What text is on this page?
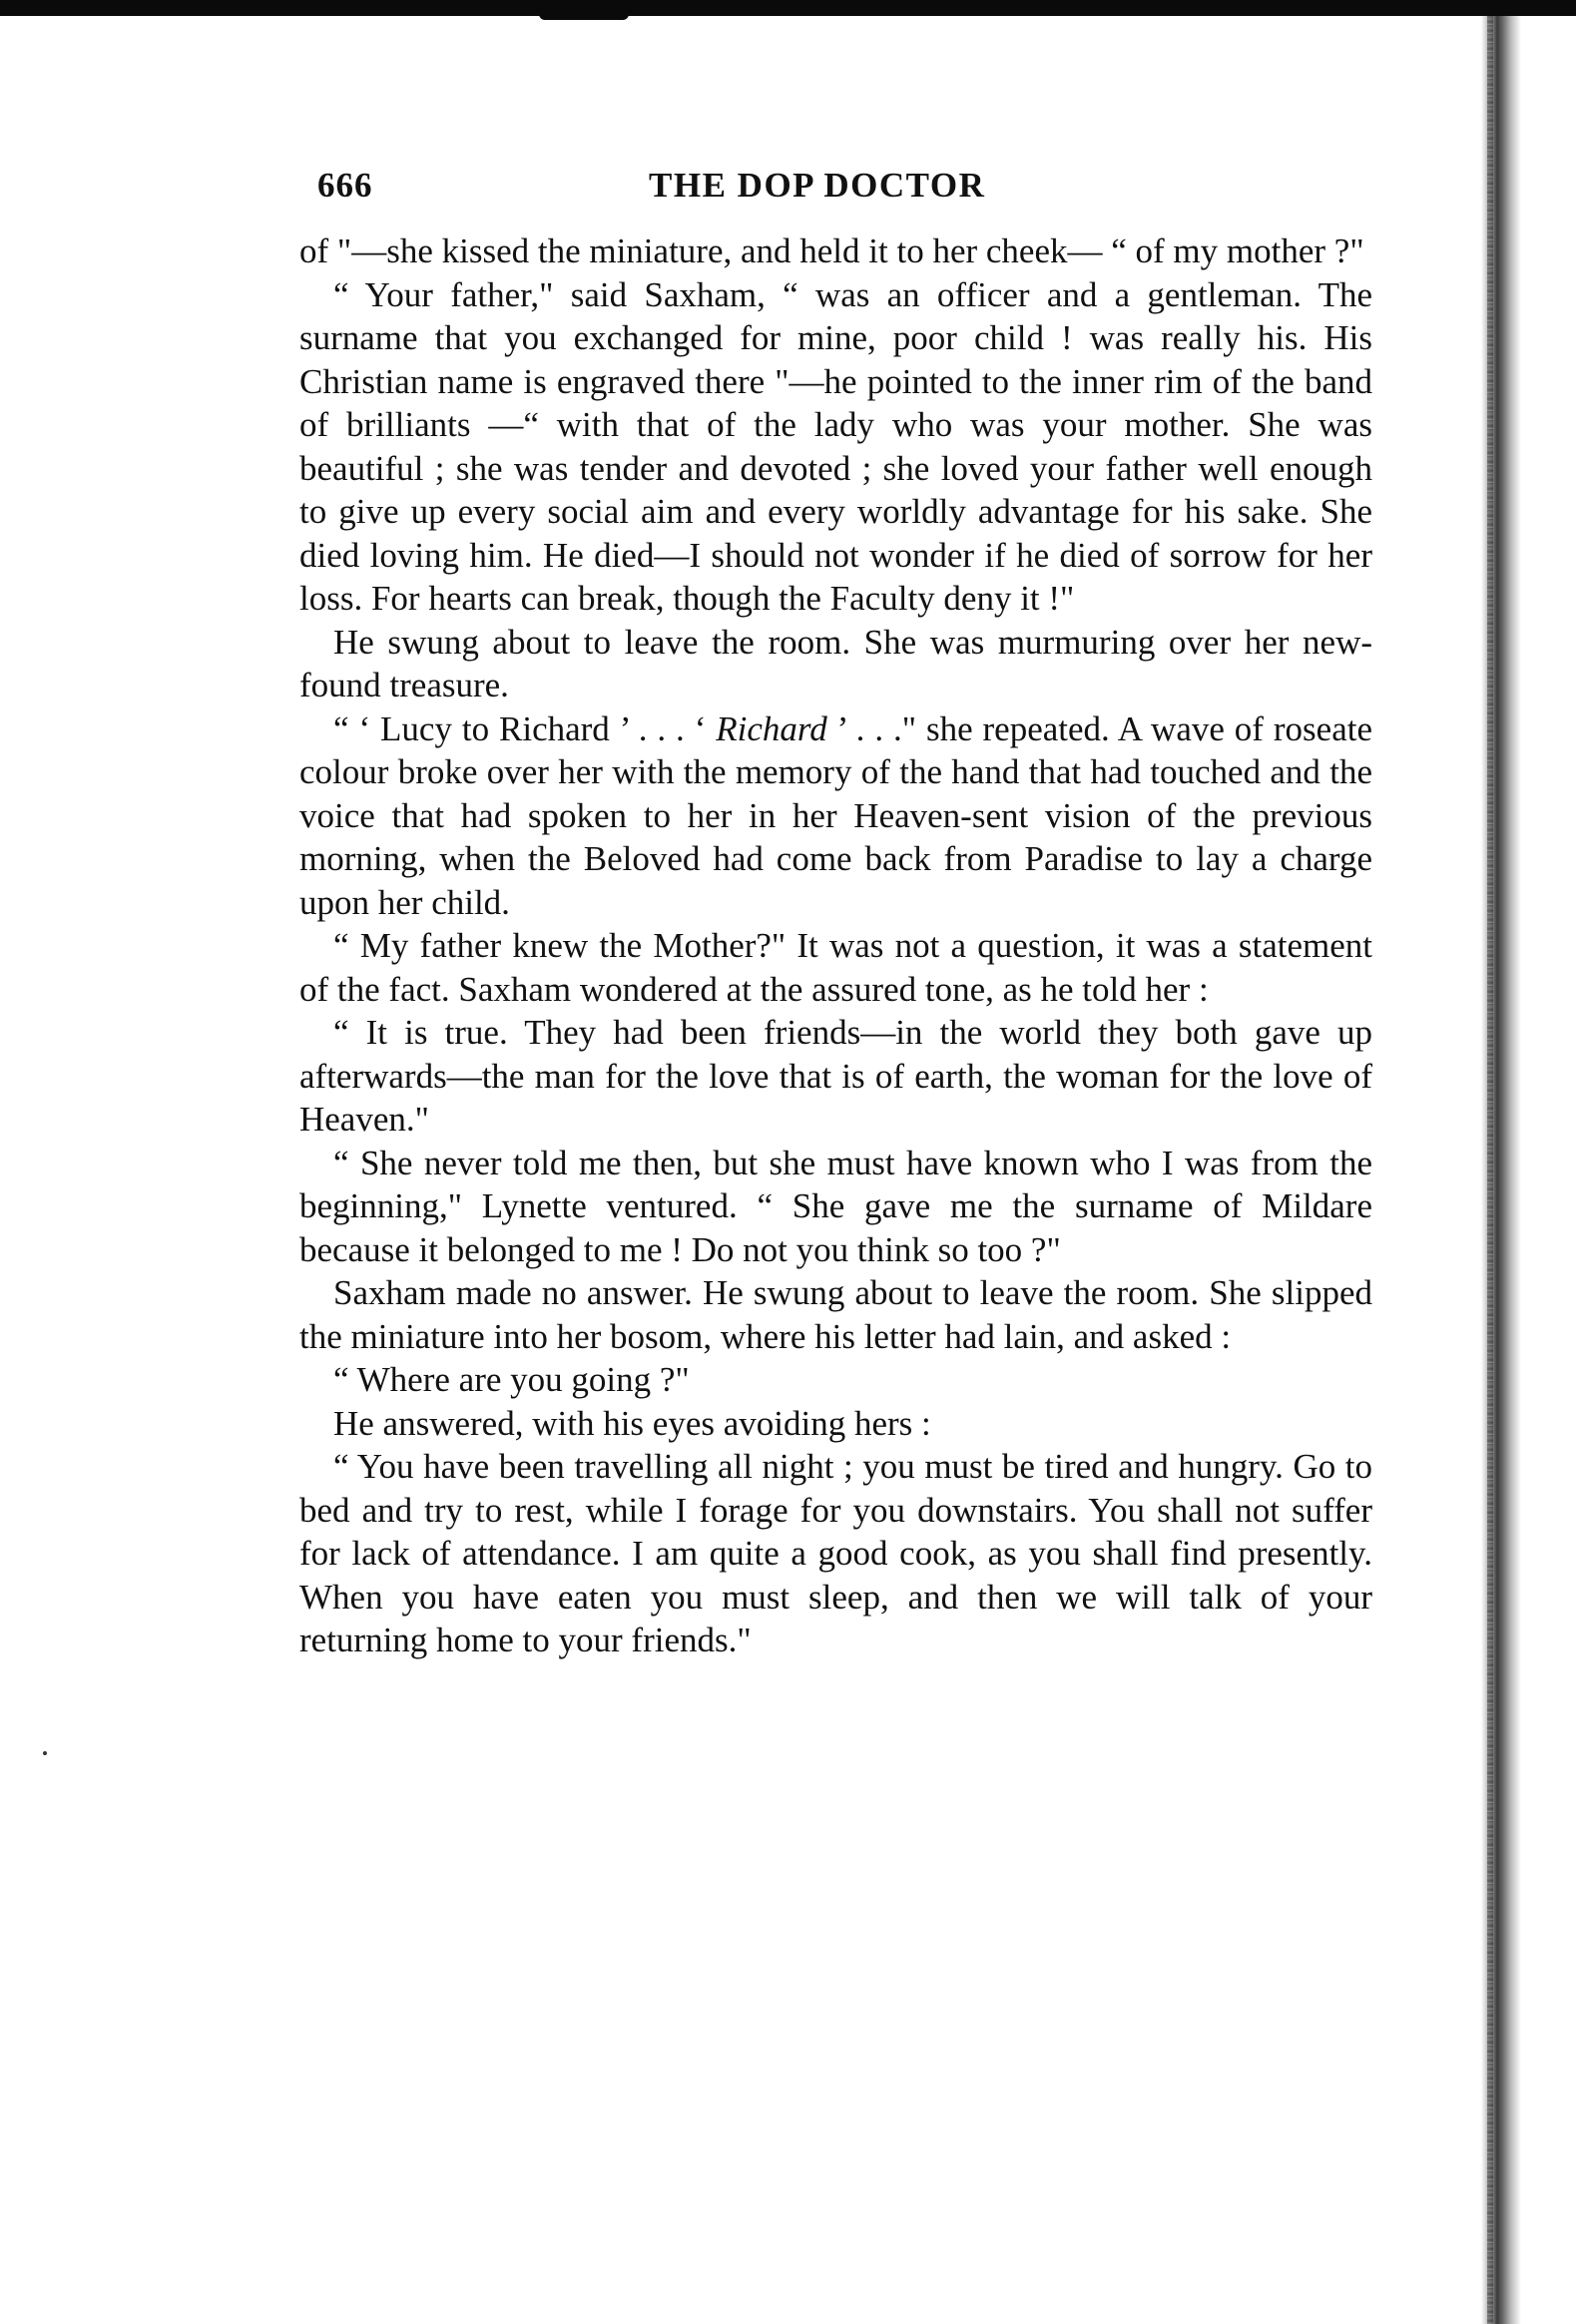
666	THE DOP DOCTOR

of "—she kissed the miniature, and held it to her cheek— “ of my mother ?"

“ Your father," said Saxham, “ was an officer and a gentleman. The surname that you exchanged for mine, poor child ! was really his. His Christian name is engraved there "—he pointed to the inner rim of the band of brilliants —“ with that of the lady who was your mother. She was beautiful ; she was tender and devoted ; she loved your father well enough to give up every social aim and every worldly advantage for his sake. She died loving him. He died—I should not wonder if he died of sorrow for her loss. For hearts can break, though the Faculty deny it !"

He swung about to leave the room. She was murmuring over her new-found treasure.

“ ‘ Lucy to Richard ’ . . . ‘ Richard ’ . . ." she repeated. A wave of roseate colour broke over her with the memory of the hand that had touched and the voice that had spoken to her in her Heaven-sent vision of the previous morning, when the Beloved had come back from Paradise to lay a charge upon her child.

“ My father knew the Mother?" It was not a question, it was a statement of the fact. Saxham wondered at the assured tone, as he told her :

“ It is true. They had been friends—in the world they both gave up afterwards—the man for the love that is of earth, the woman for the love of Heaven."

“ She never told me then, but she must have known who I was from the beginning," Lynette ventured. “ She gave me the surname of Mildare because it belonged to me ! Do not you think so too ?"

Saxham made no answer. He swung about to leave the room. She slipped the miniature into her bosom, where his letter had lain, and asked :

“ Where are you going ?"

He answered, with his eyes avoiding hers :

“ You have been travelling all night ; you must be tired and hungry. Go to bed and try to rest, while I forage for you downstairs. You shall not suffer for lack of attendance. I am quite a good cook, as you shall find presently. When you have eaten you must sleep, and then we will talk of your returning home to your friends."
